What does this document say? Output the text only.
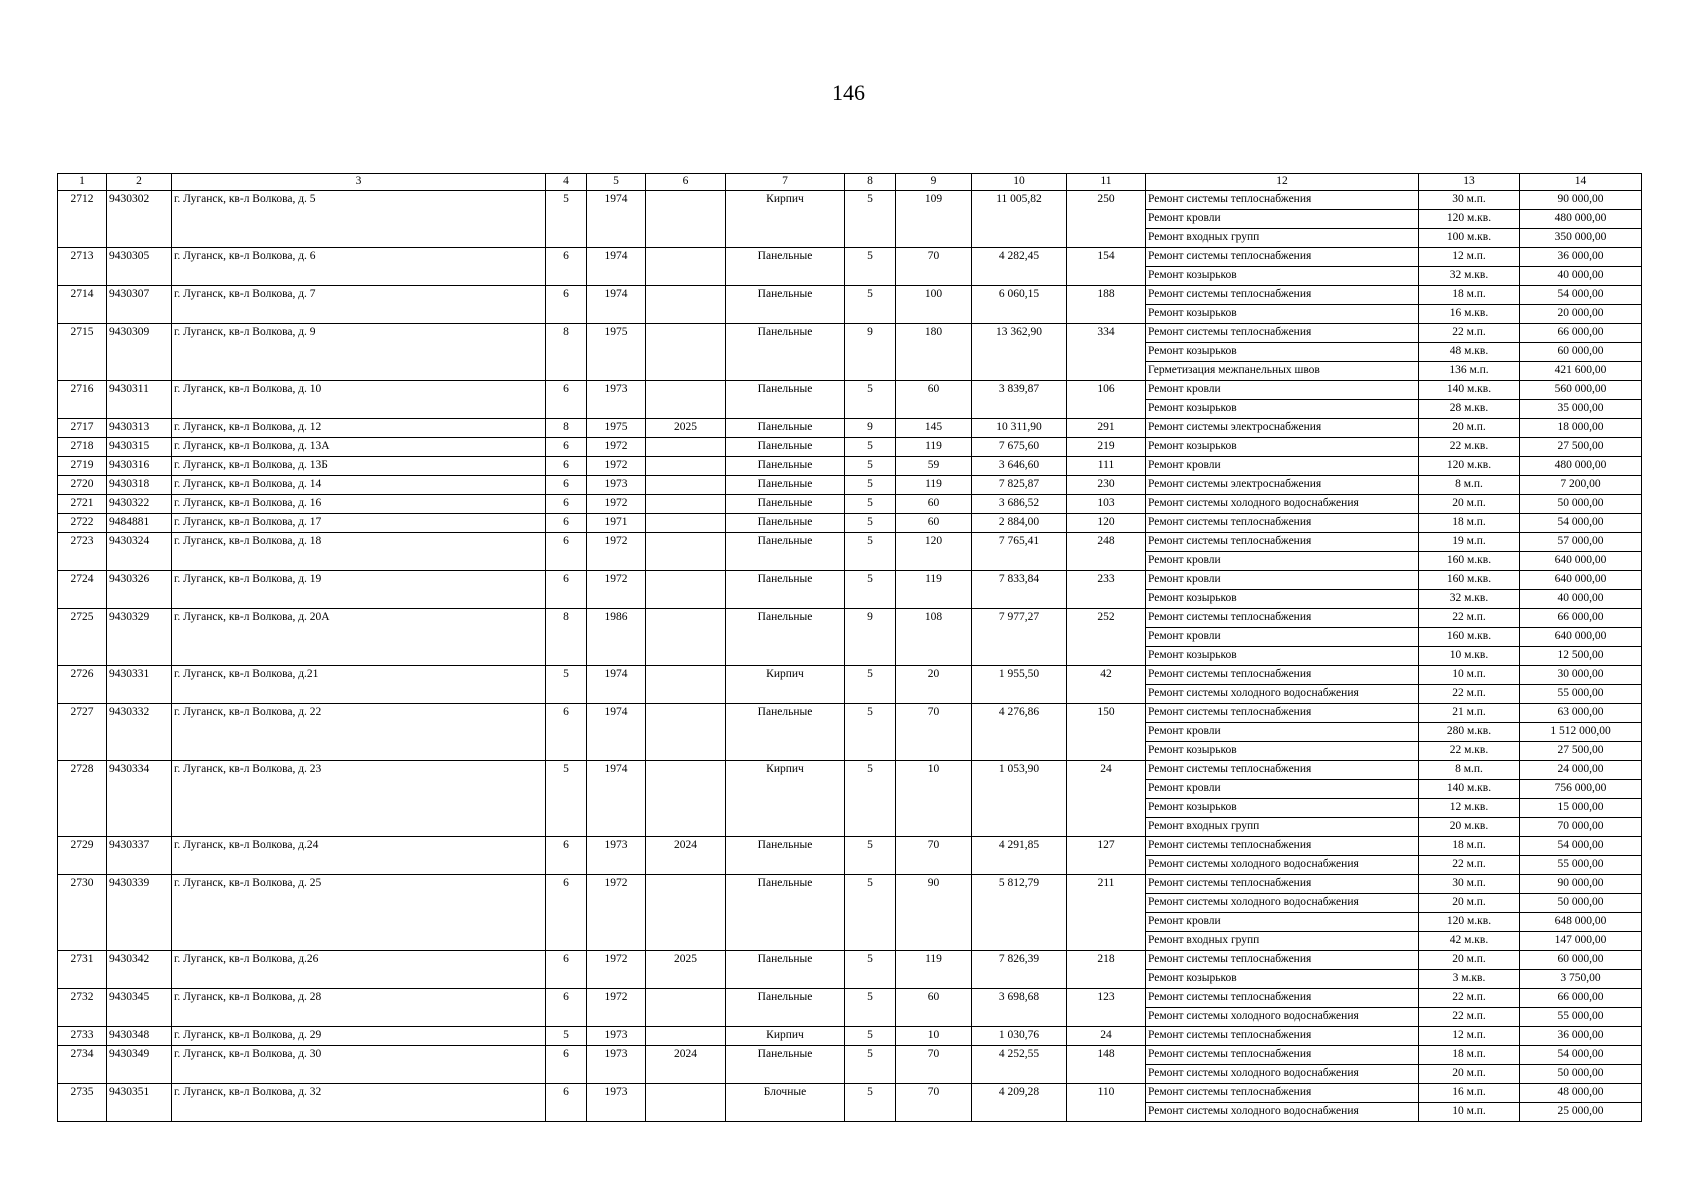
146
1	2	3	4	5	6	7	8	9	10	11	12	13	14
2712	9430302	г. Луганск, кв-л Волкова, д. 5	5	1974		Кирпич	5	109	11 005,82	250	Ремонт системы теплоснабжения	30 м.п.	90 000,00
											Ремонт кровли	120 м.кв.	480 000,00
											Ремонт входных групп	100 м.кв.	350 000,00
2713	9430305	г. Луганск, кв-л Волкова, д. 6	6	1974		Панельные	5	70	4 282,45	154	Ремонт системы теплоснабжения	12 м.п.	36 000,00
											Ремонт козырьков	32 м.кв.	40 000,00
2714	9430307	г. Луганск, кв-л Волкова, д. 7	6	1974		Панельные	5	100	6 060,15	188	Ремонт системы теплоснабжения	18 м.п.	54 000,00
											Ремонт козырьков	16 м.кв.	20 000,00
2715	9430309	г. Луганск, кв-л Волкова, д. 9	8	1975		Панельные	9	180	13 362,90	334	Ремонт системы теплоснабжения	22 м.п.	66 000,00
											Ремонт козырьков	48 м.кв.	60 000,00
											Герметизация межпанельных швов	136 м.п.	421 600,00
2716	9430311	г. Луганск, кв-л Волкова, д. 10	6	1973		Панельные	5	60	3 839,87	106	Ремонт кровли	140 м.кв.	560 000,00
											Ремонт козырьков	28 м.кв.	35 000,00
2717	9430313	г. Луганск, кв-л Волкова, д. 12	8	1975	2025	Панельные	9	145	10 311,90	291	Ремонт системы электроснабжения	20 м.п.	18 000,00
2718	9430315	г. Луганск, кв-л Волкова, д. 13А	6	1972		Панельные	5	119	7 675,60	219	Ремонт козырьков	22 м.кв.	27 500,00
2719	9430316	г. Луганск, кв-л Волкова, д. 13Б	6	1972		Панельные	5	59	3 646,60	111	Ремонт кровли	120 м.кв.	480 000,00
2720	9430318	г. Луганск, кв-л Волкова, д. 14	6	1973		Панельные	5	119	7 825,87	230	Ремонт системы электроснабжения	8 м.п.	7 200,00
2721	9430322	г. Луганск, кв-л Волкова, д. 16	6	1972		Панельные	5	60	3 686,52	103	Ремонт системы холодного водоснабжения	20 м.п.	50 000,00
2722	9484881	г. Луганск, кв-л Волкова, д. 17	6	1971		Панельные	5	60	2 884,00	120	Ремонт системы теплоснабжения	18 м.п.	54 000,00
2723	9430324	г. Луганск, кв-л Волкова, д. 18	6	1972		Панельные	5	120	7 765,41	248	Ремонт системы теплоснабжения	19 м.п.	57 000,00
											Ремонт кровли	160 м.кв.	640 000,00
2724	9430326	г. Луганск, кв-л Волкова, д. 19	6	1972		Панельные	5	119	7 833,84	233	Ремонт кровли	160 м.кв.	640 000,00
											Ремонт козырьков	32 м.кв.	40 000,00
2725	9430329	г. Луганск, кв-л Волкова, д. 20А	8	1986		Панельные	9	108	7 977,27	252	Ремонт системы теплоснабжения	22 м.п.	66 000,00
											Ремонт кровли	160 м.кв.	640 000,00
											Ремонт козырьков	10 м.кв.	12 500,00
2726	9430331	г. Луганск, кв-л Волкова, д.21	5	1974		Кирпич	5	20	1 955,50	42	Ремонт системы теплоснабжения	10 м.п.	30 000,00
											Ремонт системы холодного водоснабжения	22 м.п.	55 000,00
2727	9430332	г. Луганск, кв-л Волкова, д. 22	6	1974		Панельные	5	70	4 276,86	150	Ремонт системы теплоснабжения	21 м.п.	63 000,00
											Ремонт кровли	280 м.кв.	1 512 000,00
											Ремонт козырьков	22 м.кв.	27 500,00
2728	9430334	г. Луганск, кв-л Волкова, д. 23	5	1974		Кирпич	5	10	1 053,90	24	Ремонт системы теплоснабжения	8 м.п.	24 000,00
											Ремонт кровли	140 м.кв.	756 000,00
											Ремонт козырьков	12 м.кв.	15 000,00
											Ремонт входных групп	20 м.кв.	70 000,00
2729	9430337	г. Луганск, кв-л Волкова, д.24	6	1973	2024	Панельные	5	70	4 291,85	127	Ремонт системы теплоснабжения	18 м.п.	54 000,00
											Ремонт системы холодного водоснабжения	22 м.п.	55 000,00
2730	9430339	г. Луганск, кв-л Волкова, д. 25	6	1972		Панельные	5	90	5 812,79	211	Ремонт системы теплоснабжения	30 м.п.	90 000,00
											Ремонт системы холодного водоснабжения	20 м.п.	50 000,00
											Ремонт кровли	120 м.кв.	648 000,00
											Ремонт входных групп	42 м.кв.	147 000,00
2731	9430342	г. Луганск, кв-л Волкова, д.26	6	1972	2025	Панельные	5	119	7 826,39	218	Ремонт системы теплоснабжения	20 м.п.	60 000,00
											Ремонт козырьков	3 м.кв.	3 750,00
2732	9430345	г. Луганск, кв-л Волкова, д. 28	6	1972		Панельные	5	60	3 698,68	123	Ремонт системы теплоснабжения	22 м.п.	66 000,00
											Ремонт системы холодного водоснабжения	22 м.п.	55 000,00
2733	9430348	г. Луганск, кв-л Волкова, д. 29	5	1973		Кирпич	5	10	1 030,76	24	Ремонт системы теплоснабжения	12 м.п.	36 000,00
2734	9430349	г. Луганск, кв-л Волкова, д. 30	6	1973	2024	Панельные	5	70	4 252,55	148	Ремонт системы теплоснабжения	18 м.п.	54 000,00
											Ремонт системы холодного водоснабжения	20 м.п.	50 000,00
2735	9430351	г. Луганск, кв-л Волкова, д. 32	6	1973		Блочные	5	70	4 209,28	110	Ремонт системы теплоснабжения	16 м.п.	48 000,00
											Ремонт системы холодного водоснабжения	10 м.п.	25 000,00
